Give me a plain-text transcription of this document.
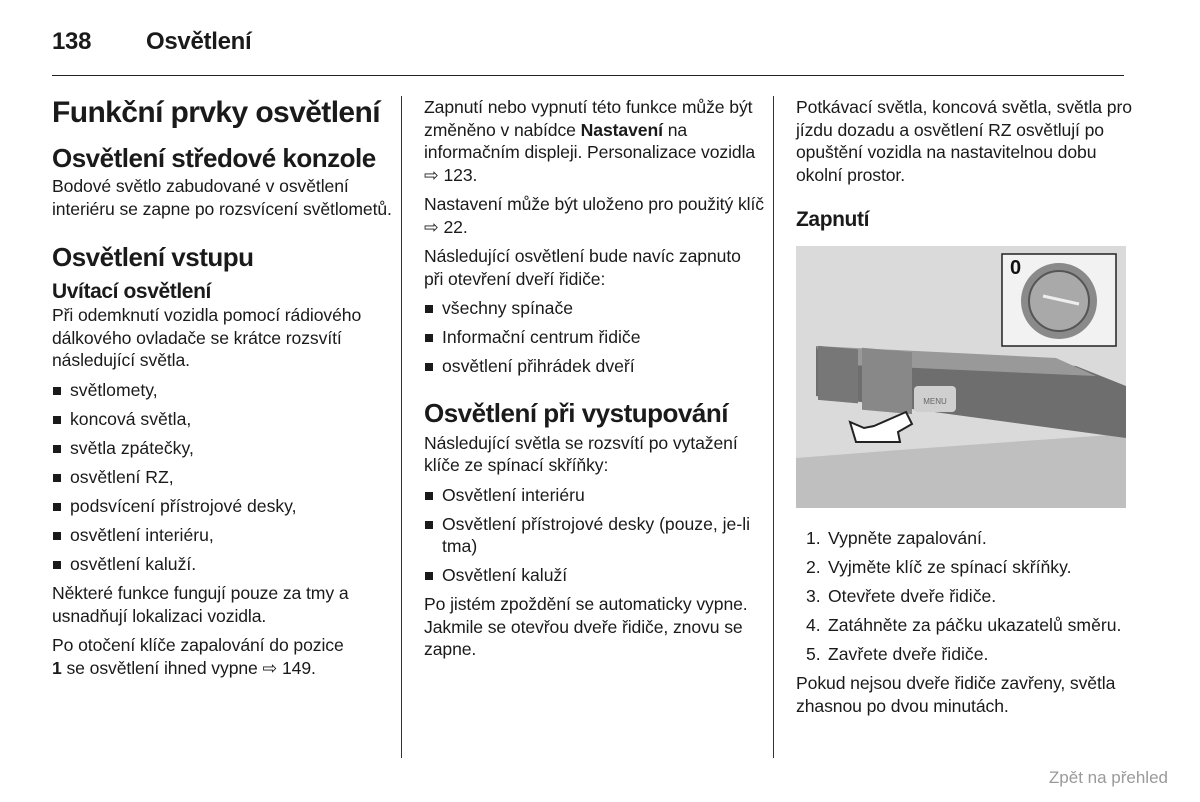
138 Osvětlení
Funkční prvky osvětlení
Osvětlení středové konzole

Bodové světlo zabudované v osvětlení interiéru se zapne po rozsvícení světlometů.

Osvětlení vstupu
Uvítací osvětlení

Při odemknutí vozidla pomocí rádiového dálkového ovladače se krátce rozsvítí následující světla.

světlomety,
koncová světla,
světla zpátečky,
osvětlení RZ,
podsvícení přístrojové desky,
osvětlení interiéru,
osvětlení kaluží.

Některé funkce fungují pouze za tmy a usnadňují lokalizaci vozidla.

Po otočení klíče zapalování do pozice
1 se osvětlení ihned vypne ⇨ 149.

Zapnutí nebo vypnutí této funkce může být změněno v nabídce Nastavení na informačním displeji. Personalizace vozidla ⇨ 123.

Nastavení může být uloženo pro použitý klíč ⇨ 22.

Následující osvětlení bude navíc zapnuto při otevření dveří řidiče:

všechny spínače
Informační centrum řidiče
osvětlení přihrádek dveří
Osvětlení při vystupování

Následující světla se rozsvítí po vytažení klíče ze spínací skříňky:

Osvětlení interiéru
Osvětlení přístrojové desky (pouze, je-li tma)
Osvětlení kaluží

Po jistém zpoždění se automaticky vypne. Jakmile se otevřou dveře řidiče, znovu se zapne.

Potkávací světla, koncová světla, světla pro jízdu dozadu a osvětlení RZ osvětlují po opuštění vozidla na nastavitelnou dobu okolní prostor.

Zapnutí
MENU
0
1. Vypněte zapalování.
2. Vyjměte klíč ze spínací skříňky.
3. Otevřete dveře řidiče.
4. Zatáhněte za páčku ukazatelů směru.
5. Zavřete dveře řidiče.

Pokud nejsou dveře řidiče zavřeny, světla zhasnou po dvou minutách.

Zpět na přehled
